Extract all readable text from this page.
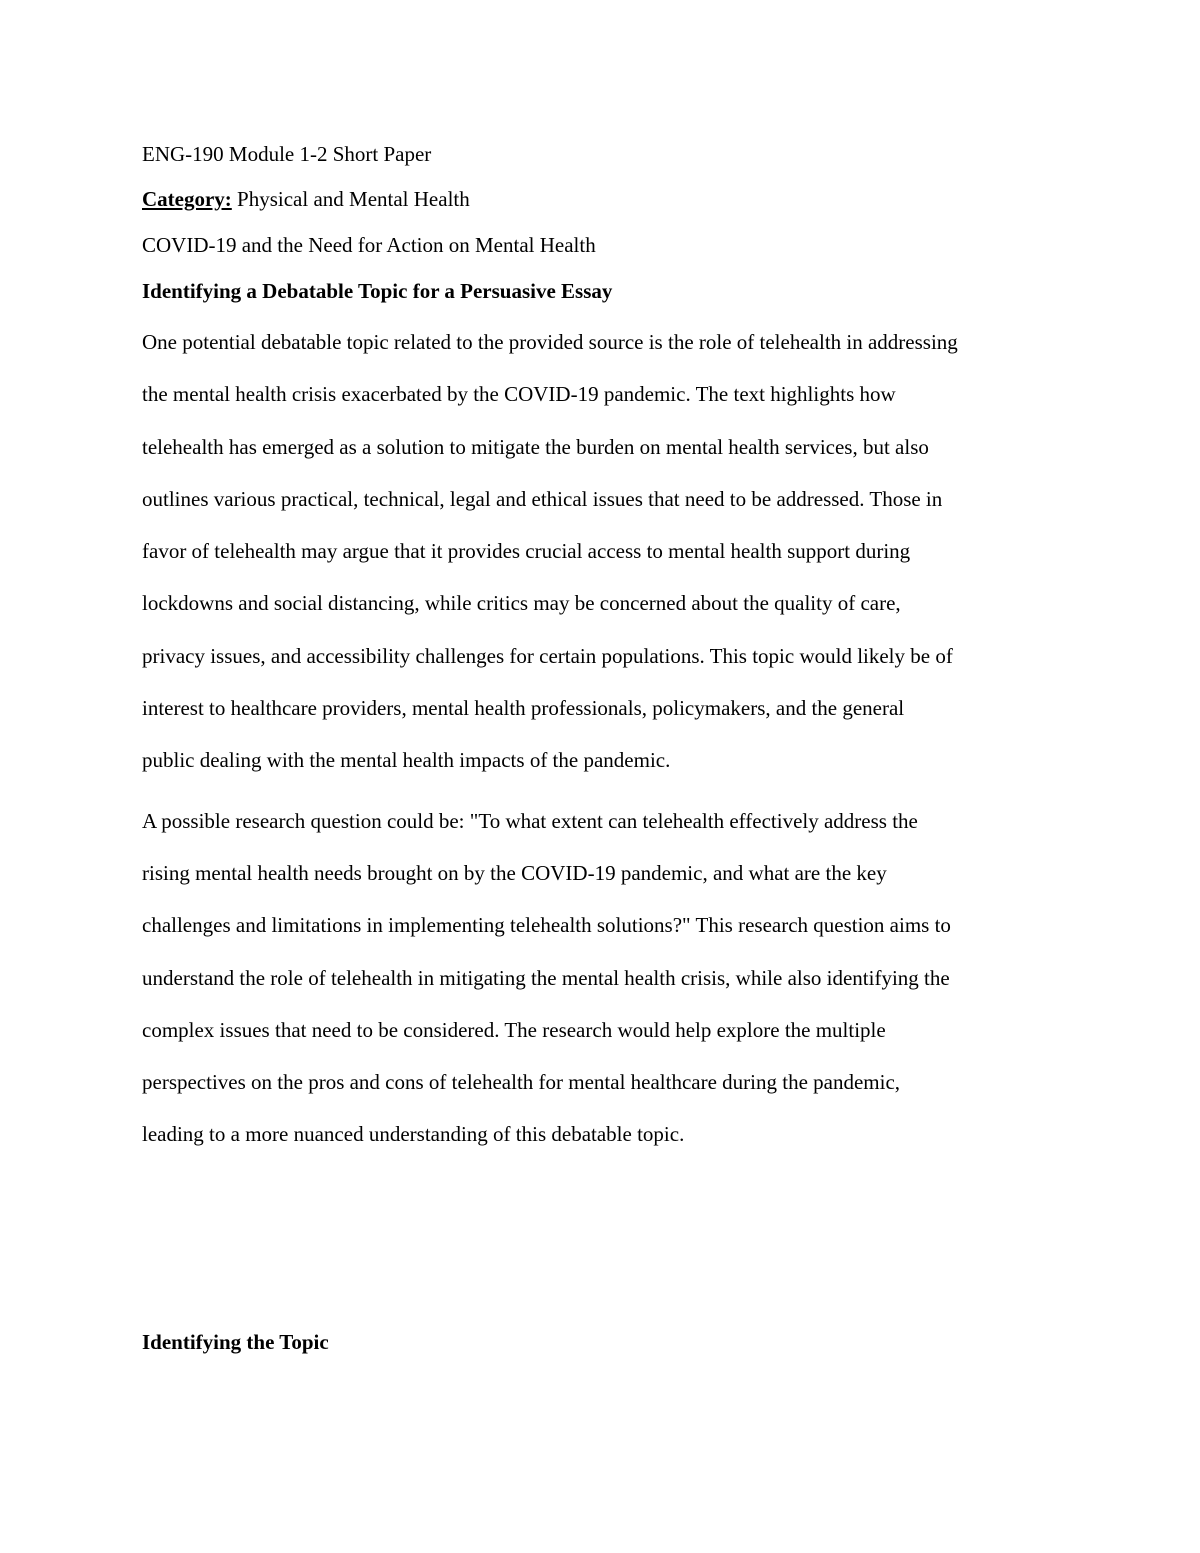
ENG-190 Module 1-2 Short Paper

Category: Physical and Mental Health

COVID-19 and the Need for Action on Mental Health

Identifying a Debatable Topic for a Persuasive Essay

One potential debatable topic related to the provided source is the role of telehealth in addressing
the mental health crisis exacerbated by the COVID-19 pandemic. The text highlights how
telehealth has emerged as a solution to mitigate the burden on mental health services, but also
outlines various practical, technical, legal and ethical issues that need to be addressed. Those in
favor of telehealth may argue that it provides crucial access to mental health support during
lockdowns and social distancing, while critics may be concerned about the quality of care,
privacy issues, and accessibility challenges for certain populations. This topic would likely be of
interest to healthcare providers, mental health professionals, policymakers, and the general
public dealing with the mental health impacts of the pandemic.

A possible research question could be: "To what extent can telehealth effectively address the
rising mental health needs brought on by the COVID-19 pandemic, and what are the key
challenges and limitations in implementing telehealth solutions?" This research question aims to
understand the role of telehealth in mitigating the mental health crisis, while also identifying the
complex issues that need to be considered. The research would help explore the multiple
perspectives on the pros and cons of telehealth for mental healthcare during the pandemic,
leading to a more nuanced understanding of this debatable topic.

Identifying the Topic
